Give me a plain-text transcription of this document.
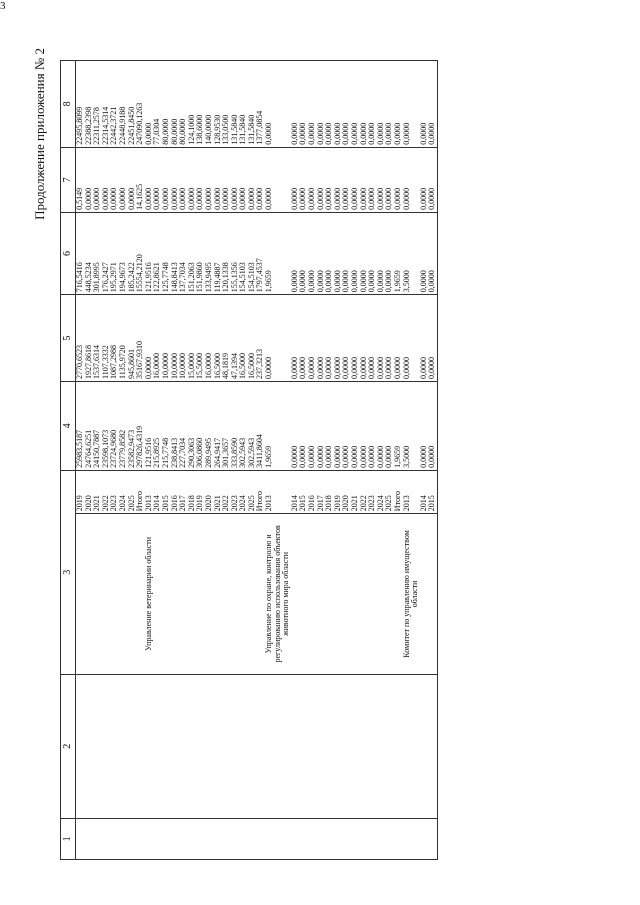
3
Продолжение приложения № 2
1	2	3		4	5	6	7	8
			2019	25983,5187	2770,6523	716,5416	0,5149	22495,8099
			2020	24764,6251	1927,8618	448,5234	0,0000	22388,2398
			2021	24150,7887	1537,6314	301,8995	0,0000	22311,2578
			2022	23598,1073	1107,3332	176,2427	0,0000	22314,5314
			2023	23724,9680	1087,2988	195,2971	0,0000	22442,3721
			2024	23779,8582	1135,9720	194,9673	0,0000	22448,9188
			2025	23582,9473	945,8601	185,2422	0,0000	22451,8450
			Итого	297826,4319	35167,9310	15554,2120	14,1625	247090,1263
		Управление ветеринарии области	2013	121,9516	0,0000	121,9516	0,0000	0,0000
			2014	215,8925	16,0000	122,8621	0,0000	77,0304
			2015	215,7748	10,0000	125,7748	0,0000	80,0000
			2016	238,8413	10,0000	148,8413	0,0000	80,0000
			2017	227,7034	10,0000	137,7034	0,0000	80,0000
			2018	290,3063	15,0000	151,2063	0,0000	124,1000
			2019	306,0860	15,5000	151,9860	0,0000	138,6000
			2020	289,9495	16,0000	133,9495	0,0000	140,0000
			2021	264,9417	16,5000	119,4887	0,0000	128,9530
			2022	301,3657	48,1819	120,1338	0,0000	133,0500
			2023	333,8590	47,1394	155,1356	0,0000	131,5840
			2024	302,5943	16,5000	154,5103	0,0000	131,5840
			2025	302,5943	16,5000	154,5103	0,0000	131,5840
			Итого	3411,8604	237,3213	1797,4537	0,0000	1377,0854
		Управление по охране, контролю и регулированию использования объектов животного мира области	2013	1,9659	0,0000	1,9659	0,0000	0,0000
			2014	0,0000	0,0000	0,0000	0,0000	0,0000
			2015	0,0000	0,0000	0,0000	0,0000	0,0000
			2016	0,0000	0,0000	0,0000	0,0000	0,0000
			2017	0,0000	0,0000	0,0000	0,0000	0,0000
			2018	0,0000	0,0000	0,0000	0,0000	0,0000
			2019	0,0000	0,0000	0,0000	0,0000	0,0000
			2020	0,0000	0,0000	0,0000	0,0000	0,0000
			2021	0,0000	0,0000	0,0000	0,0000	0,0000
			2022	0,0000	0,0000	0,0000	0,0000	0,0000
			2023	0,0000	0,0000	0,0000	0,0000	0,0000
			2024	0,0000	0,0000	0,0000	0,0000	0,0000
			2025	0,0000	0,0000	0,0000	0,0000	0,0000
			Итого	1,9659	0,0000	1,9659	0,0000	0,0000
		Комитет по управлению имуществом области	2013	3,5000	0,0000	3,5000	0,0000	0,0000
			2014	0,0000	0,0000	0,0000	0,0000	0,0000
			2015	0,0000	0,0000	0,0000	0,0000	0,0000
